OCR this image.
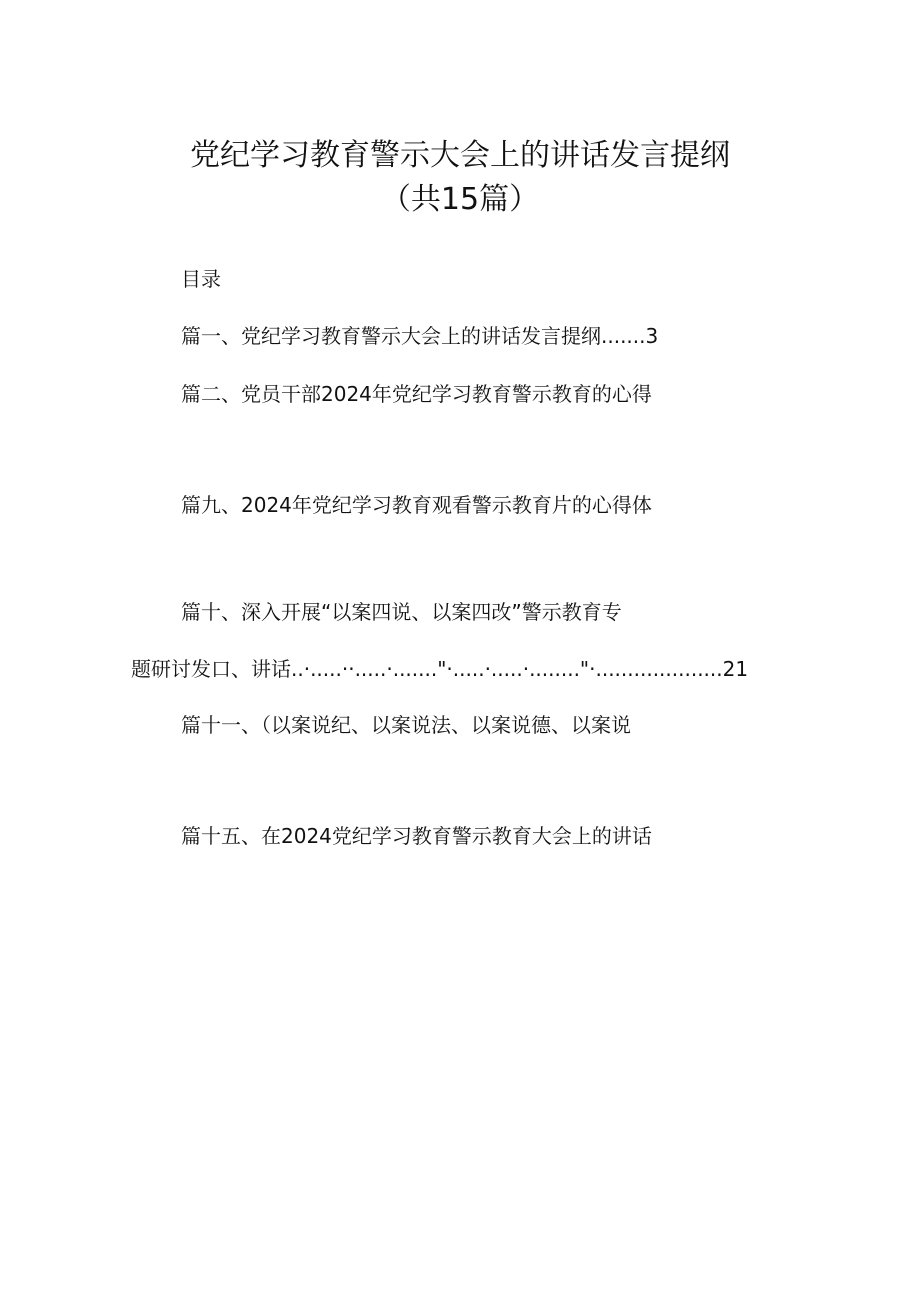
党纪学习教育警示大会上的讲话发言提纲
（共15篇）
目录
篇一、党纪学习教育警示大会上的讲话发言提纲.......3
篇二、党员干部2024年党纪学习教育警示教育的心得
篇九、2024年党纪学习教育观看警示教育片的心得体
篇十、深入开展“以案四说、以案四改”警示教育专
题研讨发口、讲话..·.....··.....·......."·.....·.....·........"·....................21
篇十一、（以案说纪、以案说法、以案说德、以案说
篇十五、在2024党纪学习教育警示教育大会上的讲话
